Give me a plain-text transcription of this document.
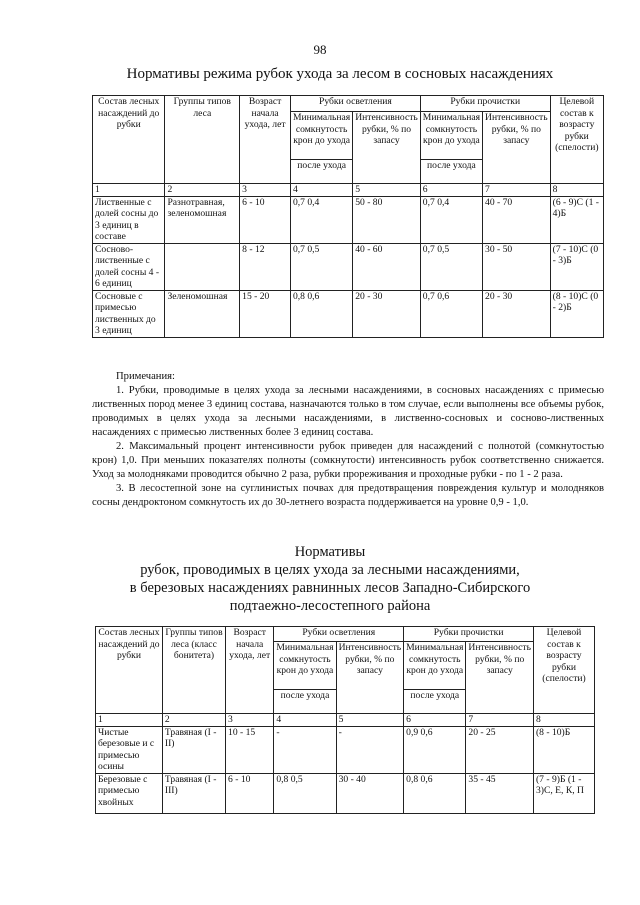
98
Нормативы режима рубок ухода за лесом в сосновых насаждениях
Состав лесных насаждений до рубки	Группы типов леса	Возраст начала ухода, лет	Рубки осветления		Рубки прочистки		Целевой состав к возрасту рубки (спелости)
			Минимальная сомкнутость крон до ухода	Интенсивность рубки, % по запасу	Минимальная сомкнутость крон до ухода	Интенсивность рубки, % по запасу	
			после ухода		после ухода		
1	2	3	4	5	6	7	8
Лиственные с долей сосны до 3 единиц в составе	Разнотравная, зеленомошная	6 - 10	0,7 0,4	50 - 80	0,7 0,4	40 - 70	(6 - 9)С (1 - 4)Б
Сосново-лиственные с долей сосны 4 - 6 единиц		8 - 12	0,7 0,5	40 - 60	0,7 0,5	30 - 50	(7 - 10)С (0 - 3)Б
Сосновые с примесью лиственных до 3 единиц	Зеленомошная	15 - 20	0,8 0,6	20 - 30	0,7 0,6	20 - 30	(8 - 10)С (0 - 2)Б

Примечания:

1. Рубки, проводимые в целях ухода за лесными насаждениями, в сосновых насаждениях с примесью лиственных пород менее 3 единиц состава, назначаются только в том случае, если выполнены все объемы рубок, проводимых в целях ухода за лесными насаждениями, в лиственно-сосновых и сосново-лиственных насаждениях с примесью лиственных более 3 единиц состава.

2. Максимальный процент интенсивности рубок приведен для насаждений с полнотой (сомкнутостью крон) 1,0. При меньших показателях полноты (сомкнутости) интенсивность рубок соответственно снижается. Уход за молодняками проводится обычно 2 раза, рубки прореживания и проходные рубки - по 1 - 2 раза.

3. В лесостепной зоне на суглинистых почвах для предотвращения повреждения культур и молодняков сосны дендроктоном сомкнутость их до 30-летнего возраста поддерживается на уровне 0,9 - 1,0.

Нормативы
рубок, проводимых в целях ухода за лесными насаждениями,
в березовых насаждениях равнинных лесов Западно-Сибирского
подтаежно-лесостепного района
Состав лесных насаждений до рубки	Группы типов леса (класс бонитета)	Возраст начала ухода, лет	Рубки осветления		Рубки прочистки		Целевой состав к возрасту рубки (спелости)
			Минимальная сомкнутость крон до ухода	Интенсивность рубки, % по запасу	Минимальная сомкнутость крон до ухода	Интенсивность рубки, % по запасу	
			после ухода		после ухода		
1	2	3	4	5	6	7	8
Чистые березовые и с примесью осины	Травяная (I - II)	10 - 15	-	-	0,9 0,6	20 - 25	(8 - 10)Б
Березовые с примесью хвойных	Травяная (I - III)	6 - 10	0,8 0,5	30 - 40	0,8 0,6	35 - 45	(7 - 9)Б (1 - 3)С, Е, К, П
